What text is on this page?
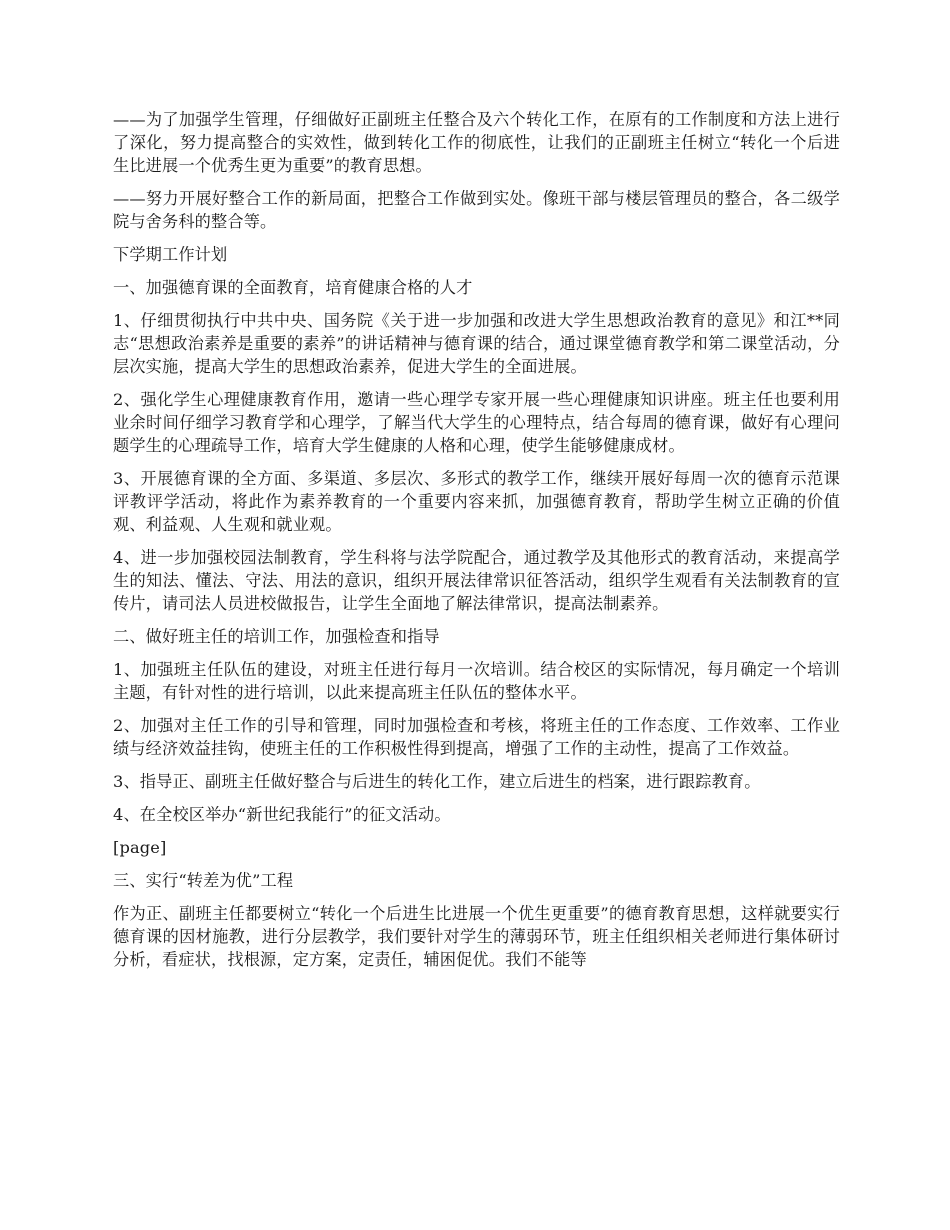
——为了加强学生管理，仔细做好正副班主任整合及六个转化工作，在原有的工作制度和方法上进行了深化，努力提高整合的实效性，做到转化工作的彻底性，让我们的正副班主任树立“转化一个后进生比进展一个优秀生更为重要”的教育思想。

——努力开展好整合工作的新局面，把整合工作做到实处。像班干部与楼层管理员的整合，各二级学院与舍务科的整合等。

下学期工作计划

一、加强德育课的全面教育，培育健康合格的人才

1、仔细贯彻执行中共中央、国务院《关于进一步加强和改进大学生思想政治教育的意见》和江**同志“思想政治素养是重要的素养”的讲话精神与德育课的结合，通过课堂德育教学和第二课堂活动，分层次实施，提高大学生的思想政治素养，促进大学生的全面进展。

2、强化学生心理健康教育作用，邀请一些心理学专家开展一些心理健康知识讲座。班主任也要利用业余时间仔细学习教育学和心理学，了解当代大学生的心理特点，结合每周的德育课，做好有心理问题学生的心理疏导工作，培育大学生健康的人格和心理，使学生能够健康成材。

3、开展德育课的全方面、多渠道、多层次、多形式的教学工作，继续开展好每周一次的德育示范课评教评学活动，将此作为素养教育的一个重要内容来抓，加强德育教育，帮助学生树立正确的价值观、利益观、人生观和就业观。

4、进一步加强校园法制教育，学生科将与法学院配合，通过教学及其他形式的教育活动，来提高学生的知法、懂法、守法、用法的意识，组织开展法律常识征答活动，组织学生观看有关法制教育的宣传片，请司法人员进校做报告，让学生全面地了解法律常识，提高法制素养。

二、做好班主任的培训工作，加强检查和指导

1、加强班主任队伍的建设，对班主任进行每月一次培训。结合校区的实际情况，每月确定一个培训主题，有针对性的进行培训，以此来提高班主任队伍的整体水平。

2、加强对主任工作的引导和管理，同时加强检查和考核，将班主任的工作态度、工作效率、工作业绩与经济效益挂钩，使班主任的工作积极性得到提高，增强了工作的主动性，提高了工作效益。

3、指导正、副班主任做好整合与后进生的转化工作，建立后进生的档案，进行跟踪教育。

4、在全校区举办“新世纪我能行”的征文活动。

[page]

三、实行“转差为优”工程

作为正、副班主任都要树立“转化一个后进生比进展一个优生更重要”的德育教育思想，这样就要实行德育课的因材施教，进行分层教学，我们要针对学生的薄弱环节，班主任组织相关老师进行集体研讨分析，看症状，找根源，定方案，定责任，辅困促优。我们不能等
